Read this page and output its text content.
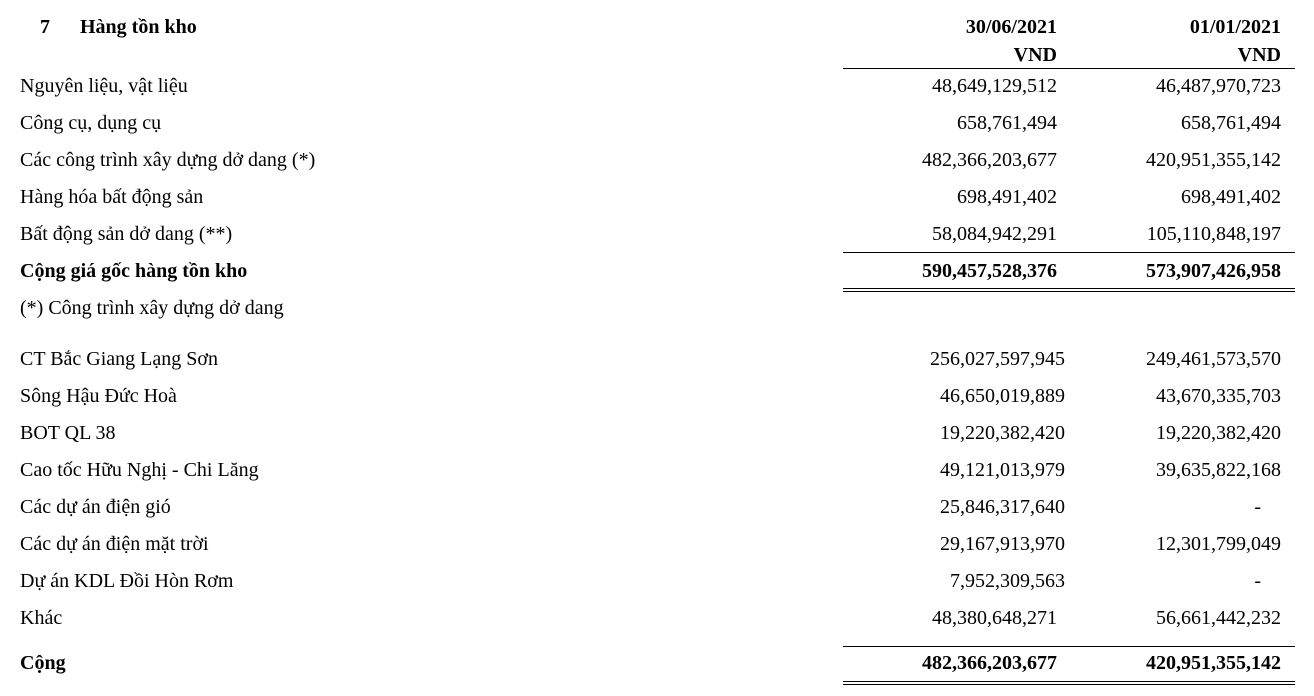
7 Hàng tồn kho	30/06/2021	01/01/2021
VND	VND
Nguyên liệu, vật liệu	48,649,129,512	46,487,970,723
Công cụ, dụng cụ	658,761,494	658,761,494
Các công trình xây dựng dở dang (*)	482,366,203,677	420,951,355,142
Hàng hóa bất động sản	698,491,402	698,491,402
Bất động sản dở dang (**)	58,084,942,291	105,110,848,197
Cộng giá gốc hàng tồn kho	590,457,528,376	573,907,426,958
(*) Công trình xây dựng dở dang
CT Bắc Giang Lạng Sơn	256,027,597,945	249,461,573,570
Sông Hậu Đức Hoà	46,650,019,889	43,670,335,703
BOT QL 38	19,220,382,420	19,220,382,420
Cao tốc Hữu Nghị - Chi Lăng	49,121,013,979	39,635,822,168
Các dự án điện gió	25,846,317,640	-
Các dự án điện mặt trời	29,167,913,970	12,301,799,049
Dự án KDL Đồi Hòn Rơm	7,952,309,563	-
Khác	48,380,648,271	56,661,442,232
Cộng	482,366,203,677	420,951,355,142
